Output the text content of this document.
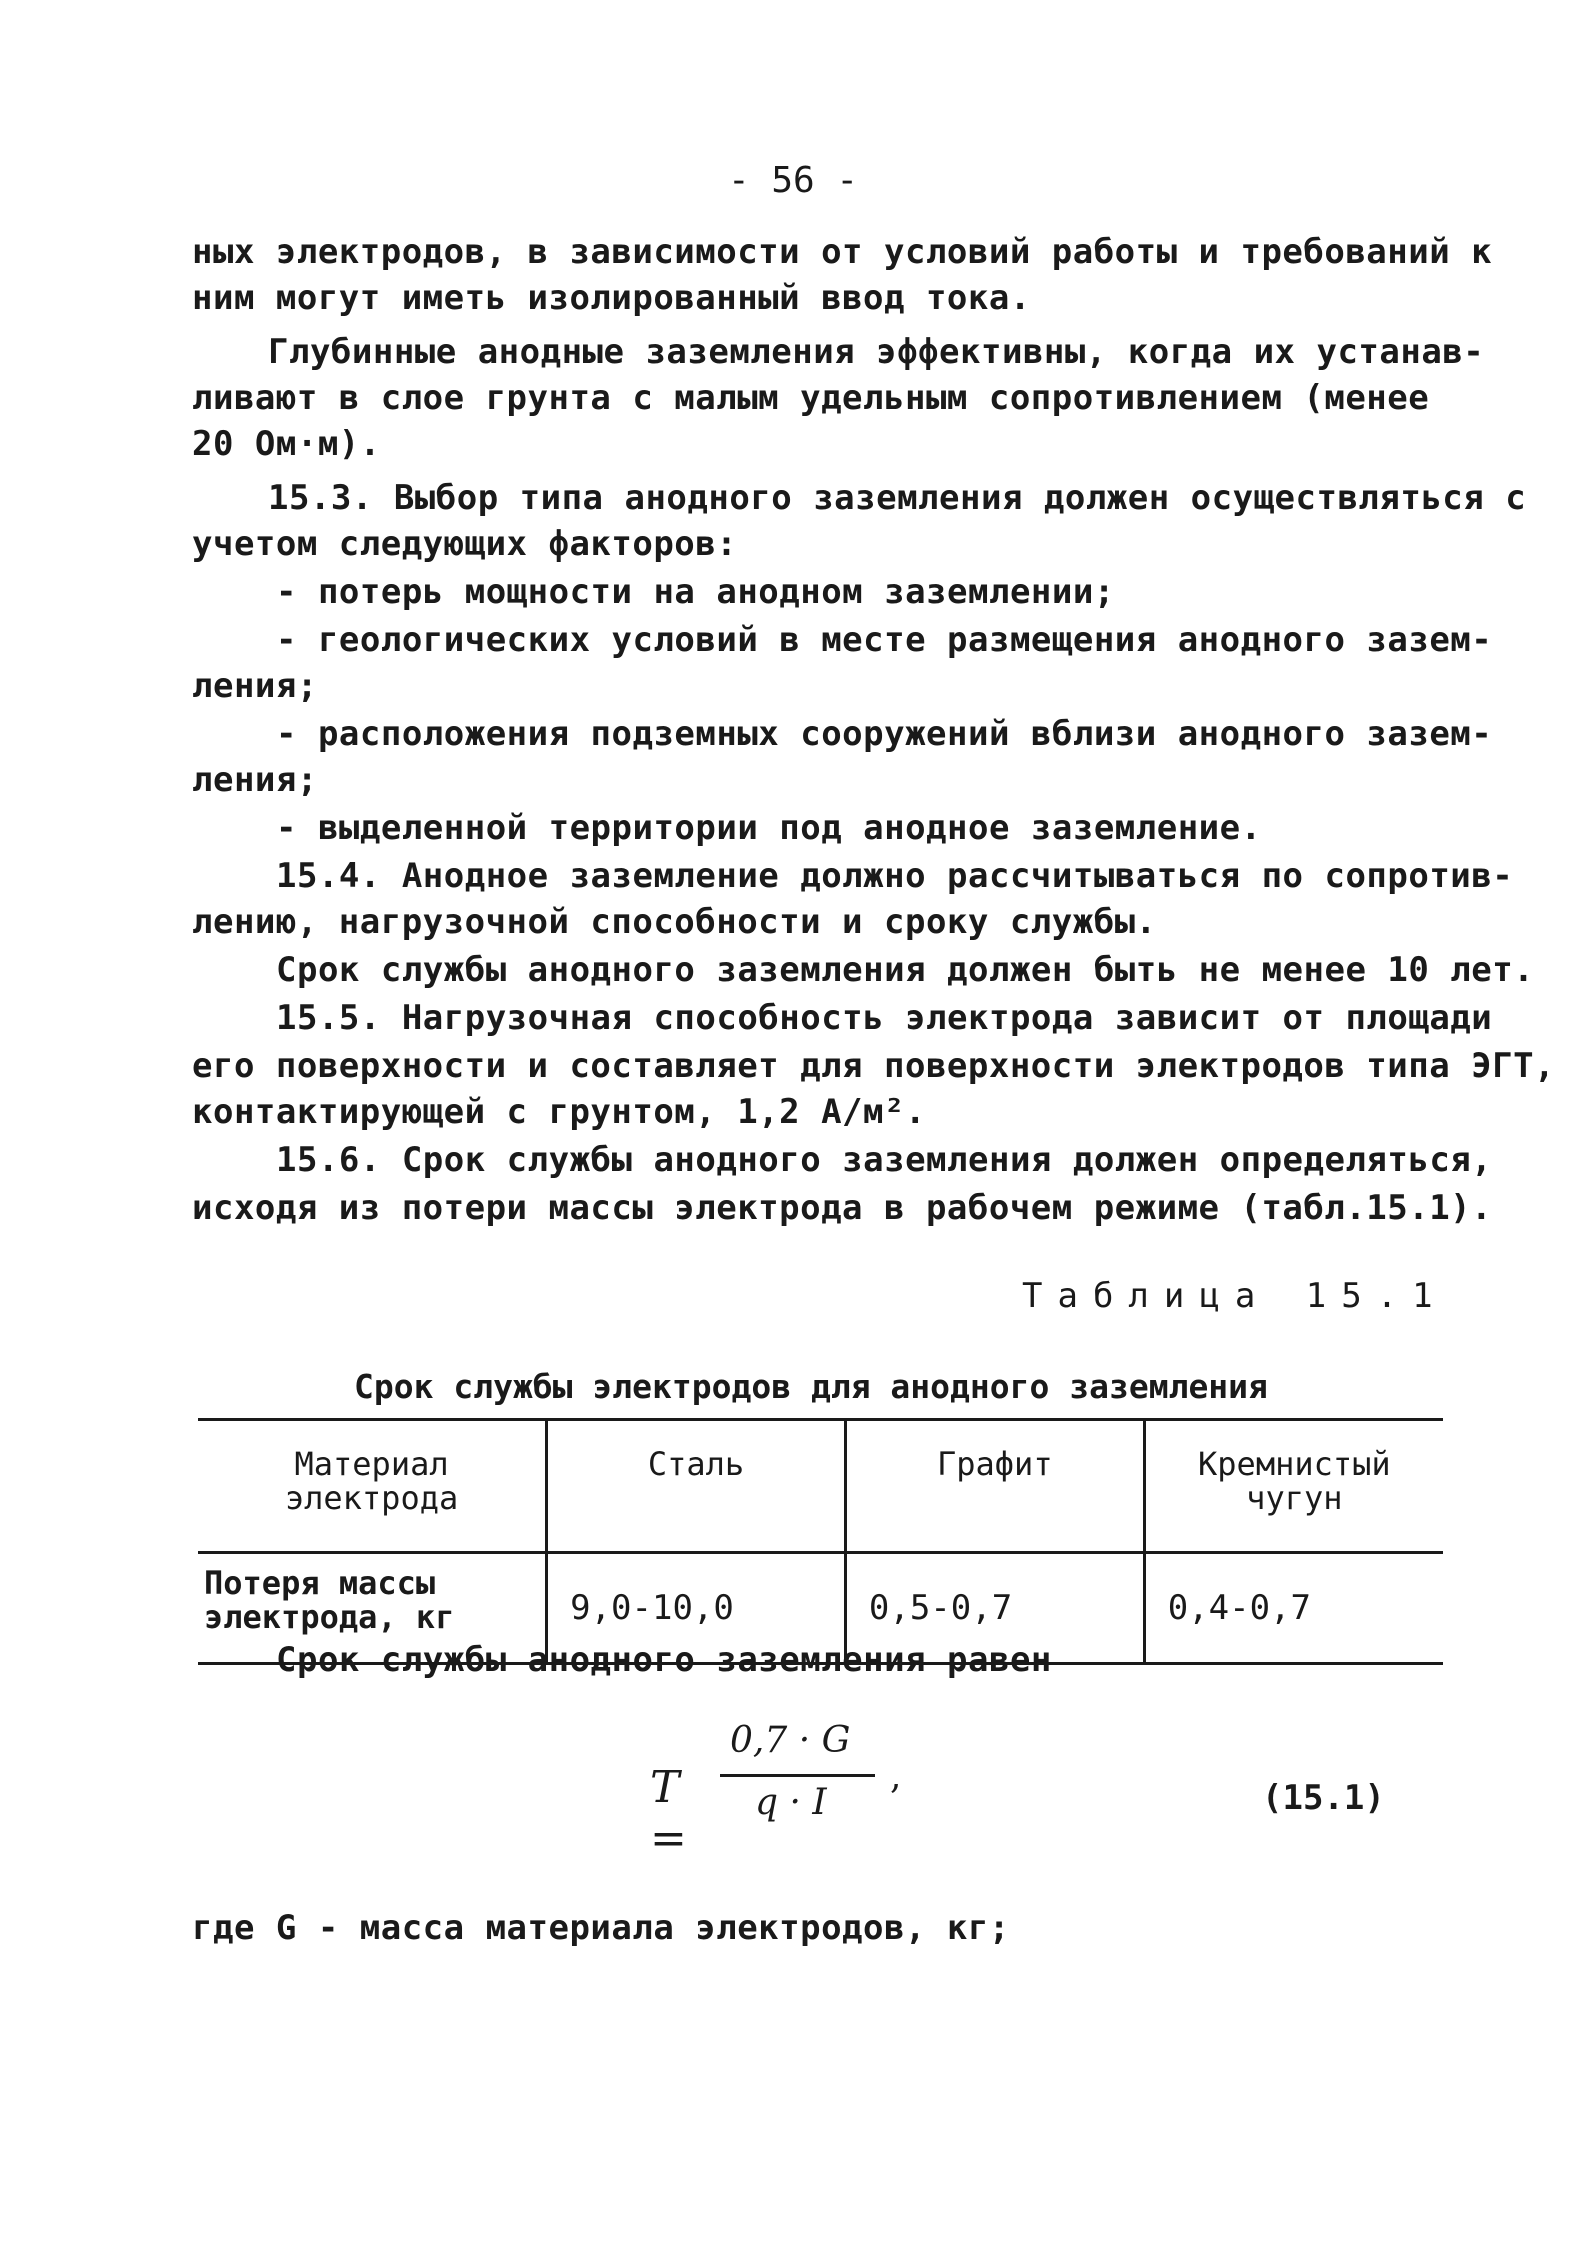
- 56 -
ных электродов, в зависимости от условий работы и требований к
ним могут иметь изолированный ввод тока.
Глубинные анодные заземления эффективны, когда их устанав-
ливают в слое грунта с малым удельным сопротивлением (менее
20 Ом·м).
15.3. Выбор типа анодного заземления должен осуществляться с
учетом следующих факторов:
- потерь мощности на анодном заземлении;
- геологических условий в месте размещения анодного зазем-
ления;
- расположения подземных сооружений вблизи анодного зазем-
ления;
- выделенной территории под анодное заземление.
15.4. Анодное заземление должно рассчитываться по сопротив-
лению, нагрузочной способности и сроку службы.
Срок службы анодного заземления должен быть не менее 10 лет.
15.5. Нагрузочная способность электрода зависит от площади
его поверхности и составляет для поверхности электродов типа ЭГТ,
контактирующей с грунтом, 1,2 А/м².
15.6. Срок службы анодного заземления должен определяться,
исходя из потери массы электрода в рабочем режиме (табл.15.1).
Таблица 15.1
Срок службы электродов для анодного заземления
Материал
электрода	Сталь	Графит	Кремнистый
чугун
Потеря массы
электрода, кг	9,0-10,0	0,5-0,7	0,4-0,7
Срок службы анодного заземления равен
T =
0,7 · G
q · I
,
(15.1)
где G - масса материала электродов, кг;
